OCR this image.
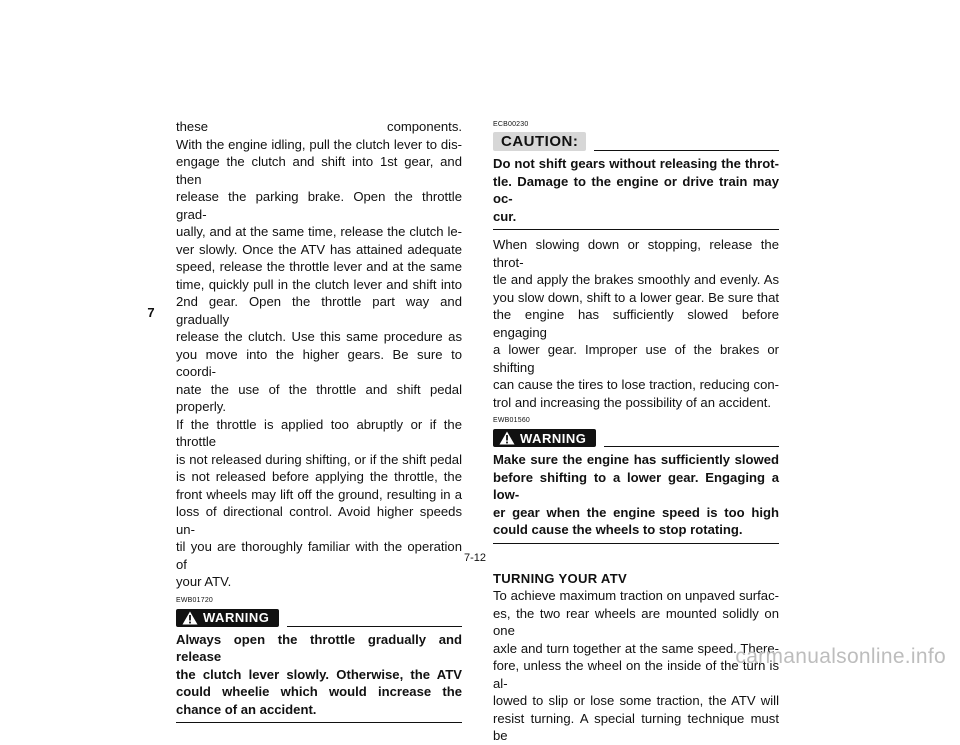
7

these components.
With the engine idling, pull the clutch lever to dis-
engage the clutch and shift into 1st gear, and then
release the parking brake. Open the throttle grad-
ually, and at the same time, release the clutch le-
ver slowly. Once the ATV has attained adequate
speed, release the throttle lever and at the same
time, quickly pull in the clutch lever and shift into
2nd gear. Open the throttle part way and gradually
release the clutch. Use this same procedure as
you move into the higher gears. Be sure to coordi-
nate the use of the throttle and shift pedal properly.
If the throttle is applied too abruptly or if the throttle
is not released during shifting, or if the shift pedal
is not released before applying the throttle, the
front wheels may lift off the ground, resulting in a
loss of directional control. Avoid higher speeds un-
til you are thoroughly familiar with the operation of
your ATV.

EWB01720
WARNING

Always open the throttle gradually and release
the clutch lever slowly. Otherwise, the ATV
could wheelie which would increase the
chance of an accident.

ECB00230
CAUTION:

Do not shift gears without releasing the throt-
tle. Damage to the engine or drive train may oc-
cur.

When slowing down or stopping, release the throt-
tle and apply the brakes smoothly and evenly. As
you slow down, shift to a lower gear. Be sure that
the engine has sufficiently slowed before engaging
a lower gear. Improper use of the brakes or shifting
can cause the tires to lose traction, reducing con-
trol and increasing the possibility of an accident.

EWB01560
WARNING

Make sure the engine has sufficiently slowed
before shifting to a lower gear. Engaging a low-
er gear when the engine speed is too high
could cause the wheels to stop rotating.

TURNING YOUR ATV

To achieve maximum traction on unpaved surfac-
es, the two rear wheels are mounted solidly on one
axle and turn together at the same speed. There-
fore, unless the wheel on the inside of the turn is al-
lowed to slip or lose some traction, the ATV will
resist turning. A special turning technique must be

7-12
carmanualsonline.info
